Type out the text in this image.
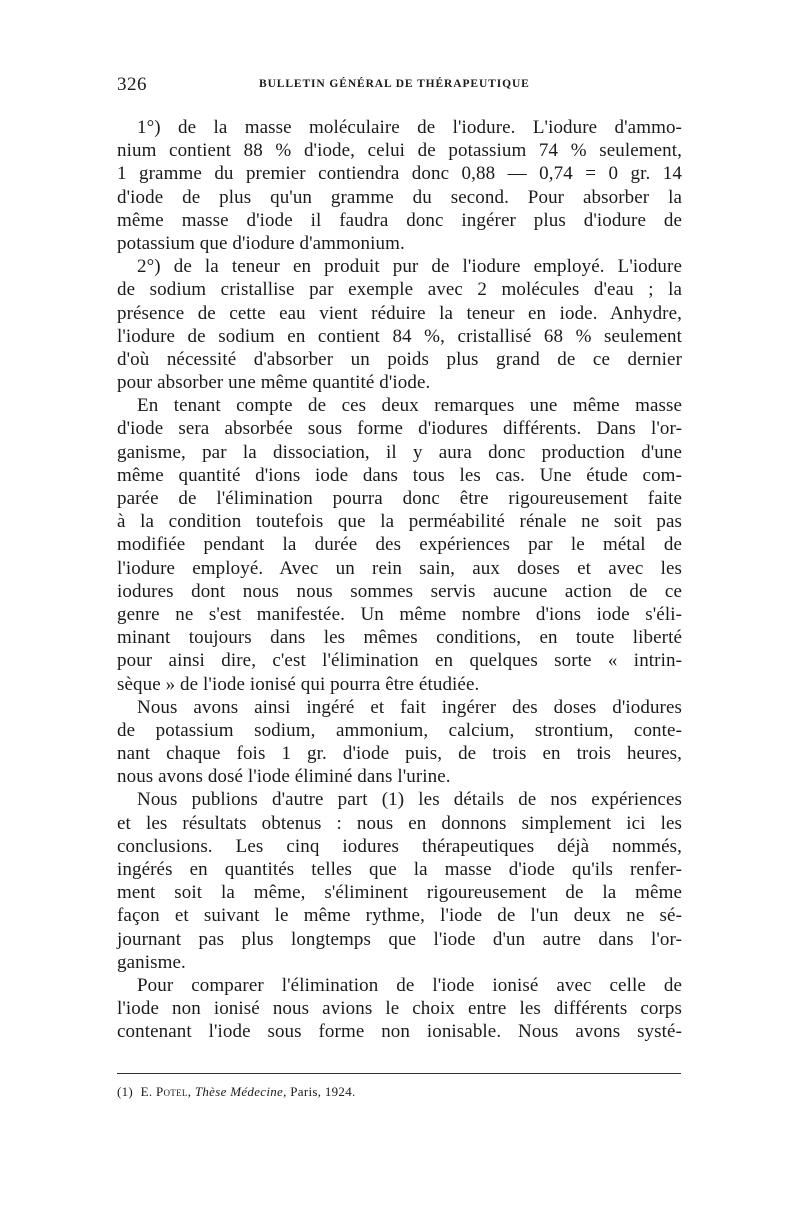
326	BULLETIN GÉNÉRAL DE THÉRAPEUTIQUE
1°) de la masse moléculaire de l'iodure. L'iodure d'ammo-
nium contient 88 % d'iode, celui de potassium 74 % seulement,
1 gramme du premier contiendra donc 0,88 — 0,74 = 0 gr. 14
d'iode de plus qu'un gramme du second. Pour absorber la
même masse d'iode il faudra donc ingérer plus d'iodure de
potassium que d'iodure d'ammonium.
2°) de la teneur en produit pur de l'iodure employé. L'iodure
de sodium cristallise par exemple avec 2 molécules d'eau ; la
présence de cette eau vient réduire la teneur en iode. Anhydre,
l'iodure de sodium en contient 84 %, cristallisé 68 % seulement
d'où nécessité d'absorber un poids plus grand de ce dernier
pour absorber une même quantité d'iode.
En tenant compte de ces deux remarques une même masse
d'iode sera absorbée sous forme d'iodures différents. Dans l'or-
ganisme, par la dissociation, il y aura donc production d'une
même quantité d'ions iode dans tous les cas. Une étude com-
parée de l'élimination pourra donc être rigoureusement faite
à la condition toutefois que la perméabilité rénale ne soit pas
modifiée pendant la durée des expériences par le métal de
l'iodure employé. Avec un rein sain, aux doses et avec les
iodures dont nous nous sommes servis aucune action de ce
genre ne s'est manifestée. Un même nombre d'ions iode s'éli-
minant toujours dans les mêmes conditions, en toute liberté
pour ainsi dire, c'est l'élimination en quelques sorte « intrin-
sèque » de l'iode ionisé qui pourra être étudiée.
Nous avons ainsi ingéré et fait ingérer des doses d'iodures
de potassium sodium, ammonium, calcium, strontium, conte-
nant chaque fois 1 gr. d'iode puis, de trois en trois heures,
nous avons dosé l'iode éliminé dans l'urine.
Nous publions d'autre part (1) les détails de nos expériences
et les résultats obtenus : nous en donnons simplement ici les
conclusions. Les cinq iodures thérapeutiques déjà nommés,
ingérés en quantités telles que la masse d'iode qu'ils renfer-
ment soit la même, s'éliminent rigoureusement de la même
façon et suivant le même rythme, l'iode de l'un deux ne sé-
journant pas plus longtemps que l'iode d'un autre dans l'or-
ganisme.
Pour comparer l'élimination de l'iode ionisé avec celle de
l'iode non ionisé nous avions le choix entre les différents corps
contenant l'iode sous forme non ionisable. Nous avons systé-
(1) E. Potel, Thèse Médecine, Paris, 1924.
